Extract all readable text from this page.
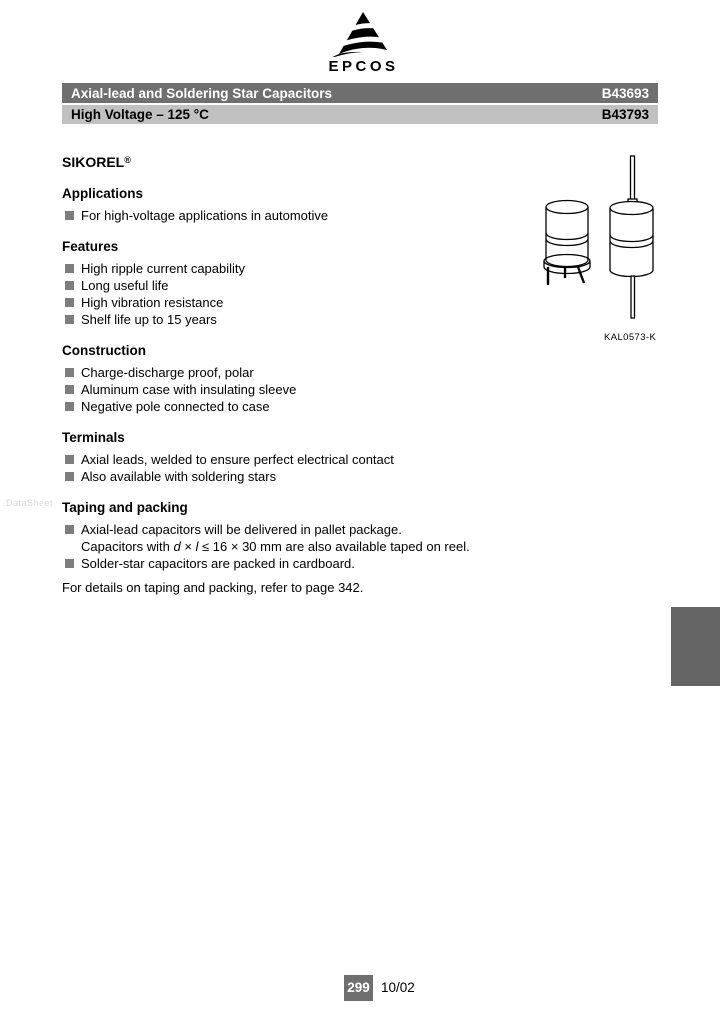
EPCOS
Axial-lead and Soldering Star Capacitors	B43693
High Voltage – 125 °C	B43793
KAL0573-K
.DataSheet
SIKOREL®
Applications
For high-voltage applications in automotive
Features
High ripple current capability
Long useful life
High vibration resistance
Shelf life up to 15 years
Construction
Charge-discharge proof, polar
Aluminum case with insulating sleeve
Negative pole connected to case
Terminals
Axial leads, welded to ensure perfect electrical contact
Also available with soldering stars
Taping and packing
Axial-lead capacitors will be delivered in pallet package.
Capacitors with d × l ≤ 16 × 30 mm are also available taped on reel.
Solder-star capacitors are packed in cardboard.
For details on taping and packing, refer to page 342.
299 10/02
